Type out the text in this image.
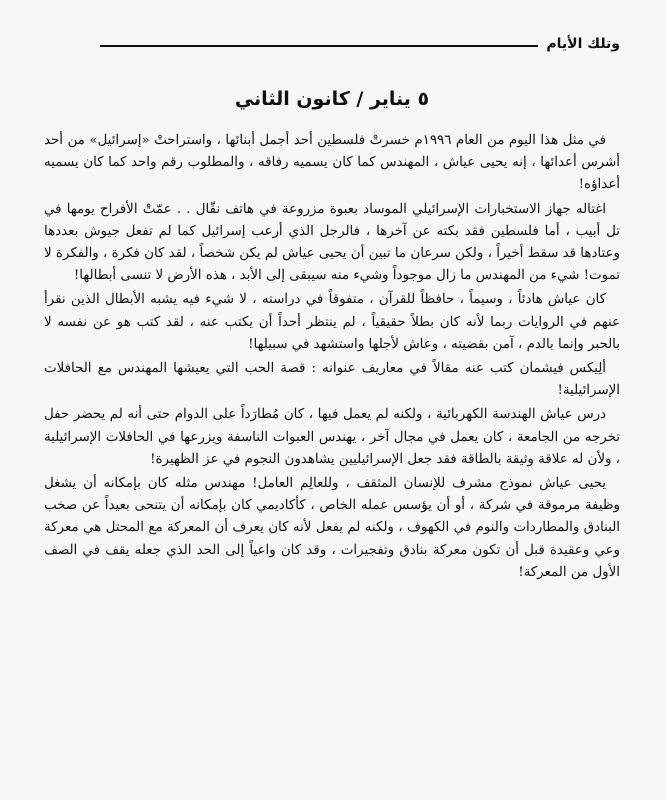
وتلك الأيام
٥ يناير / كانون الثاني

في مثل هذا اليوم من العام ١٩٩٦م خسرتْ فلسطين أحد أجمل أبنائها ، واستراحتْ «إسرائيل» من أحد أشرس أعدائها ، إنه يحيى عياش ، المهندس كما كان يسميه رفاقه ، والمطلوب رقم واحد كما كان يسميه أعداؤه!

اغتاله جهاز الاستخبارات الإسرائيلي الموساد بعبوة مزروعة في هاتف نقّال . . عمّتْ الأفراح يومها في تل أبيب ، أما فلسطين فقد بكته عن آخرها ، فالرجل الذي أرعب إسرائيل كما لم تفعل جيوش بعددها وعتادها قد سقط أخيراً ، ولكن سرعان ما تبين أن يحيى عياش لم يكن شخصاً ، لقد كان فكرة ، والفكرة لا تموت! شيء من المهندس ما زال موجوداً وشيء منه سيبقى إلى الأبد ، هذه الأرض لا تنسى أبطالها!

كان عياش هادئاً ، وسيماً ، حافظاً للقرآن ، متفوقاً في دراسته ، لا شيء فيه يشبه الأبطال الذين نقرأ عنهم في الروايات ربما لأنه كان بطلاً حقيقياً ، لم ينتظر أحداً أن يكتب عنه ، لقد كتب هو عن نفسه لا بالحبر وإنما بالدم ، آمن بقضيته ، وعاش لأجلها واستشهد في سبيلها!

ألِيكس فيشمان كتب عنه مقالاً في معاريف عنوانه : قصة الحب التي يعيشها المهندس مع الحافلات الإسرائيلية!

درس عياش الهندسة الكهربائية ، ولكنه لم يعمل فيها ، كان مُطارَداً على الدوام حتى أنه لم يحضر حفل تخرجه من الجامعة ، كان يعمل في مجال آخر ، يهندس العبوات الناسفة ويزرعها في الحافلات الإسرائيلية ، ولأن له علاقة وثيقة بالطاقة فقد جعل الإسرائيليين يشاهدون النجوم في عز الظهيرة!

يحيى عياش نموذج مشرف للإنسان المثقف ، وللعالِم العامل! مهندس مثله كان بإمكانه أن يشغل وظيفة مرموقة في شركة ، أو أن يؤسس عمله الخاص ، كأكاديمي كان بإمكانه أن يتنحى بعيداً عن صخب البنادق والمطاردات والنوم في الكهوف ، ولكنه لم يفعل لأنه كان يعرف أن المعركة مع المحتل هي معركة وعي وعقيدة قبل أن تكون معركة بنادق وتفجيرات ، وقد كان واعياً إلى الحد الذي جعله يقف في الصف الأول من المعركة!
